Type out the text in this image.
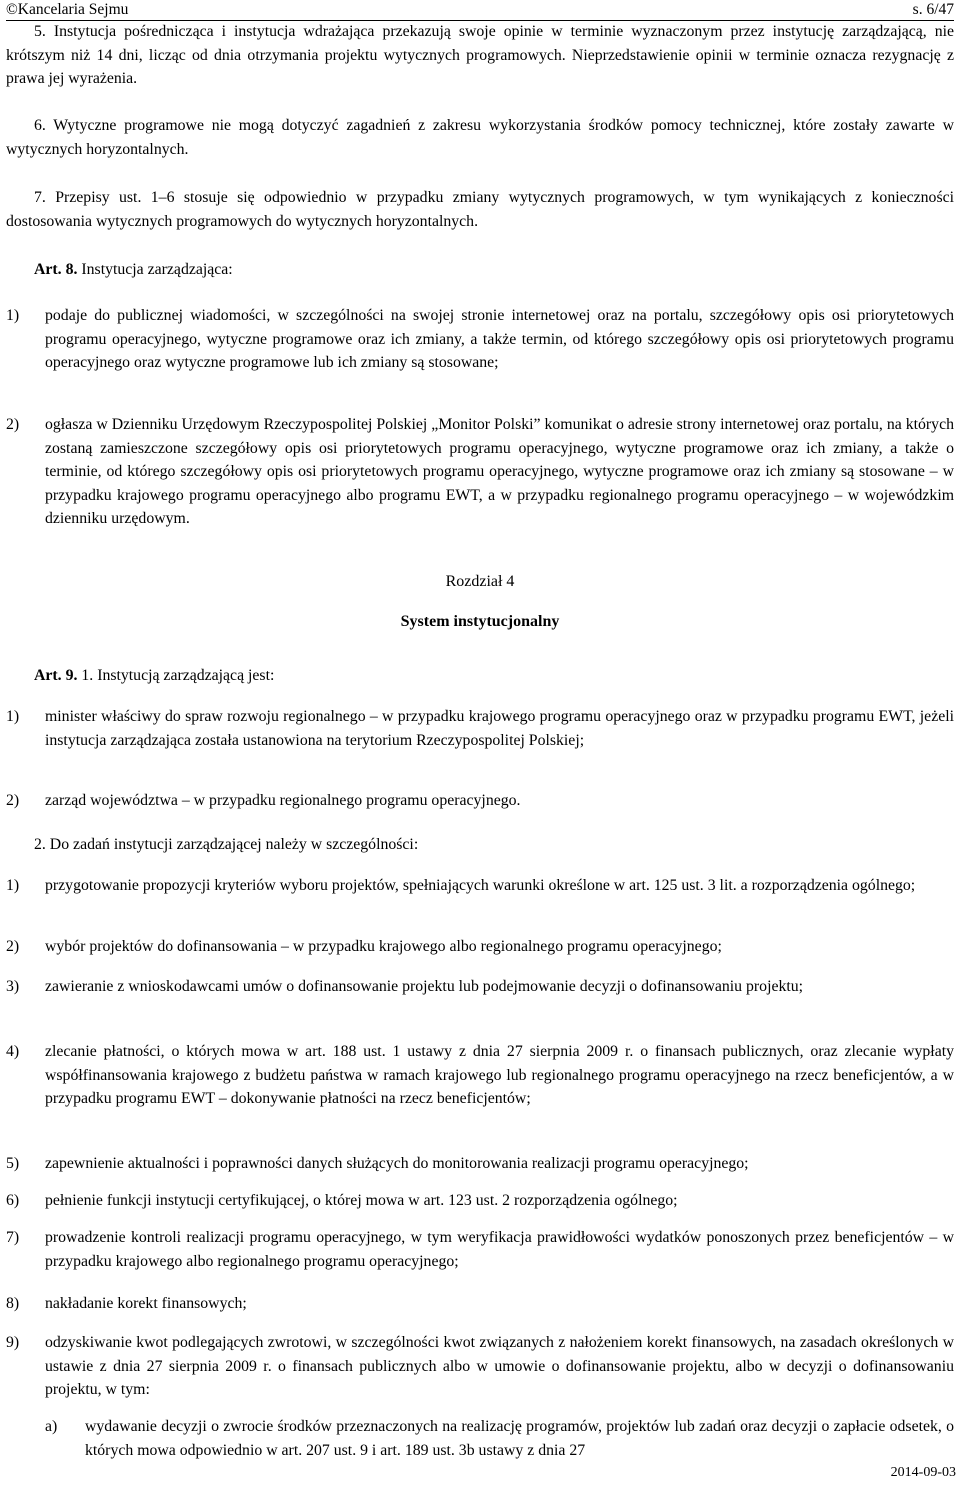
©Kancelaria Sejmu	s. 6/47
5. Instytucja pośrednicząca i instytucja wdrażająca przekazują swoje opinie w terminie wyznaczonym przez instytucję zarządzającą, nie krótszym niż 14 dni, licząc od dnia otrzymania projektu wytycznych programowych. Nieprzedstawienie opinii w terminie oznacza rezygnację z prawa jej wyrażenia.
6. Wytyczne programowe nie mogą dotyczyć zagadnień z zakresu wykorzystania środków pomocy technicznej, które zostały zawarte w wytycznych horyzontalnych.
7. Przepisy ust. 1–6 stosuje się odpowiednio w przypadku zmiany wytycznych programowych, w tym wynikających z konieczności dostosowania wytycznych programowych do wytycznych horyzontalnych.
Art. 8. Instytucja zarządzająca:
1) podaje do publicznej wiadomości, w szczególności na swojej stronie internetowej oraz na portalu, szczegółowy opis osi priorytetowych programu operacyjnego, wytyczne programowe oraz ich zmiany, a także termin, od którego szczegółowy opis osi priorytetowych programu operacyjnego oraz wytyczne programowe lub ich zmiany są stosowane;
2) ogłasza w Dzienniku Urzędowym Rzeczypospolitej Polskiej „Monitor Polski” komunikat o adresie strony internetowej oraz portalu, na których zostaną zamieszczone szczegółowy opis osi priorytetowych programu operacyjnego, wytyczne programowe oraz ich zmiany, a także o terminie, od którego szczegółowy opis osi priorytetowych programu operacyjnego, wytyczne programowe oraz ich zmiany są stosowane – w przypadku krajowego programu operacyjnego albo programu EWT, a w przypadku regionalnego programu operacyjnego – w wojewódzkim dzienniku urzędowym.
Rozdział 4
System instytucjonalny
Art. 9. 1. Instytucją zarządzającą jest:
1) minister właściwy do spraw rozwoju regionalnego – w przypadku krajowego programu operacyjnego oraz w przypadku programu EWT, jeżeli instytucja zarządzająca została ustanowiona na terytorium Rzeczypospolitej Polskiej;
2) zarząd województwa – w przypadku regionalnego programu operacyjnego.
2. Do zadań instytucji zarządzającej należy w szczególności:
1) przygotowanie propozycji kryteriów wyboru projektów, spełniających warunki określone w art. 125 ust. 3 lit. a rozporządzenia ogólnego;
2) wybór projektów do dofinansowania – w przypadku krajowego albo regionalnego programu operacyjnego;
3) zawieranie z wnioskodawcami umów o dofinansowanie projektu lub podejmowanie decyzji o dofinansowaniu projektu;
4) zlecanie płatności, o których mowa w art. 188 ust. 1 ustawy z dnia 27 sierpnia 2009 r. o finansach publicznych, oraz zlecanie wypłaty współfinansowania krajowego z budżetu państwa w ramach krajowego lub regionalnego programu operacyjnego na rzecz beneficjentów, a w przypadku programu EWT – dokonywanie płatności na rzecz beneficjentów;
5) zapewnienie aktualności i poprawności danych służących do monitorowania realizacji programu operacyjnego;
6) pełnienie funkcji instytucji certyfikującej, o której mowa w art. 123 ust. 2 rozporządzenia ogólnego;
7) prowadzenie kontroli realizacji programu operacyjnego, w tym weryfikacja prawidłowości wydatków ponoszonych przez beneficjentów – w przypadku krajowego albo regionalnego programu operacyjnego;
8) nakładanie korekt finansowych;
9) odzyskiwanie kwot podlegających zwrotowi, w szczególności kwot związanych z nałożeniem korekt finansowych, na zasadach określonych w ustawie z dnia 27 sierpnia 2009 r. o finansach publicznych albo w umowie o dofinansowanie projektu, albo w decyzji o dofinansowaniu projektu, w tym:
a) wydawanie decyzji o zwrocie środków przeznaczonych na realizację programów, projektów lub zadań oraz decyzji o zapłacie odsetek, o których mowa odpowiednio w art. 207 ust. 9 i art. 189 ust. 3b ustawy z dnia 27
2014-09-03
